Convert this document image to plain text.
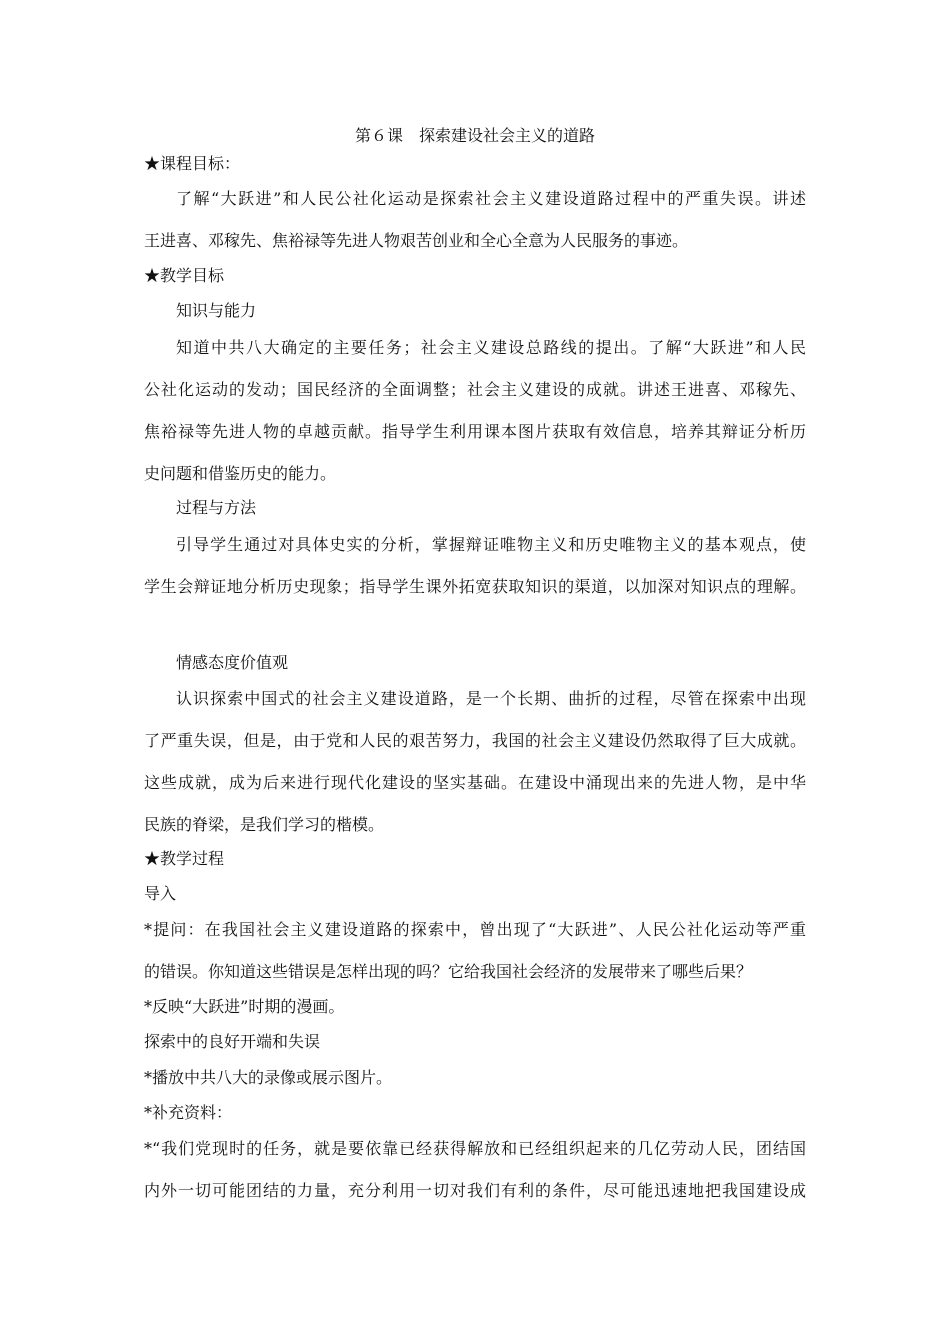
第６课　探索建设社会主义的道路
★课程目标：
了解“大跃进”和人民公社化运动是探索社会主义建设道路过程中的严重失误。讲述
王进喜、邓稼先、焦裕禄等先进人物艰苦创业和全心全意为人民服务的事迹。
★教学目标
知识与能力
知道中共八大确定的主要任务；社会主义建设总路线的提出。了解“大跃进”和人民
公社化运动的发动；国民经济的全面调整；社会主义建设的成就。讲述王进喜、邓稼先、
焦裕禄等先进人物的卓越贡献。指导学生利用课本图片获取有效信息，培养其辩证分析历
史问题和借鉴历史的能力。
过程与方法
引导学生通过对具体史实的分析，掌握辩证唯物主义和历史唯物主义的基本观点，使
学生会辩证地分析历史现象；指导学生课外拓宽获取知识的渠道，以加深对知识点的理解。
情感态度价值观
认识探索中国式的社会主义建设道路，是一个长期、曲折的过程，尽管在探索中出现
了严重失误，但是，由于党和人民的艰苦努力，我国的社会主义建设仍然取得了巨大成就。
这些成就，成为后来进行现代化建设的坚实基础。在建设中涌现出来的先进人物，是中华
民族的脊梁，是我们学习的楷模。
★教学过程
导入
*提问：在我国社会主义建设道路的探索中，曾出现了“大跃进”、人民公社化运动等严重
的错误。你知道这些错误是怎样出现的吗？它给我国社会经济的发展带来了哪些后果？
*反映“大跃进”时期的漫画。
探索中的良好开端和失误
*播放中共八大的录像或展示图片。
*补充资料：
*“我们党现时的任务，就是要依靠已经获得解放和已经组织起来的几亿劳动人民，团结国
内外一切可能团结的力量，充分利用一切对我们有利的条件，尽可能迅速地把我国建设成
